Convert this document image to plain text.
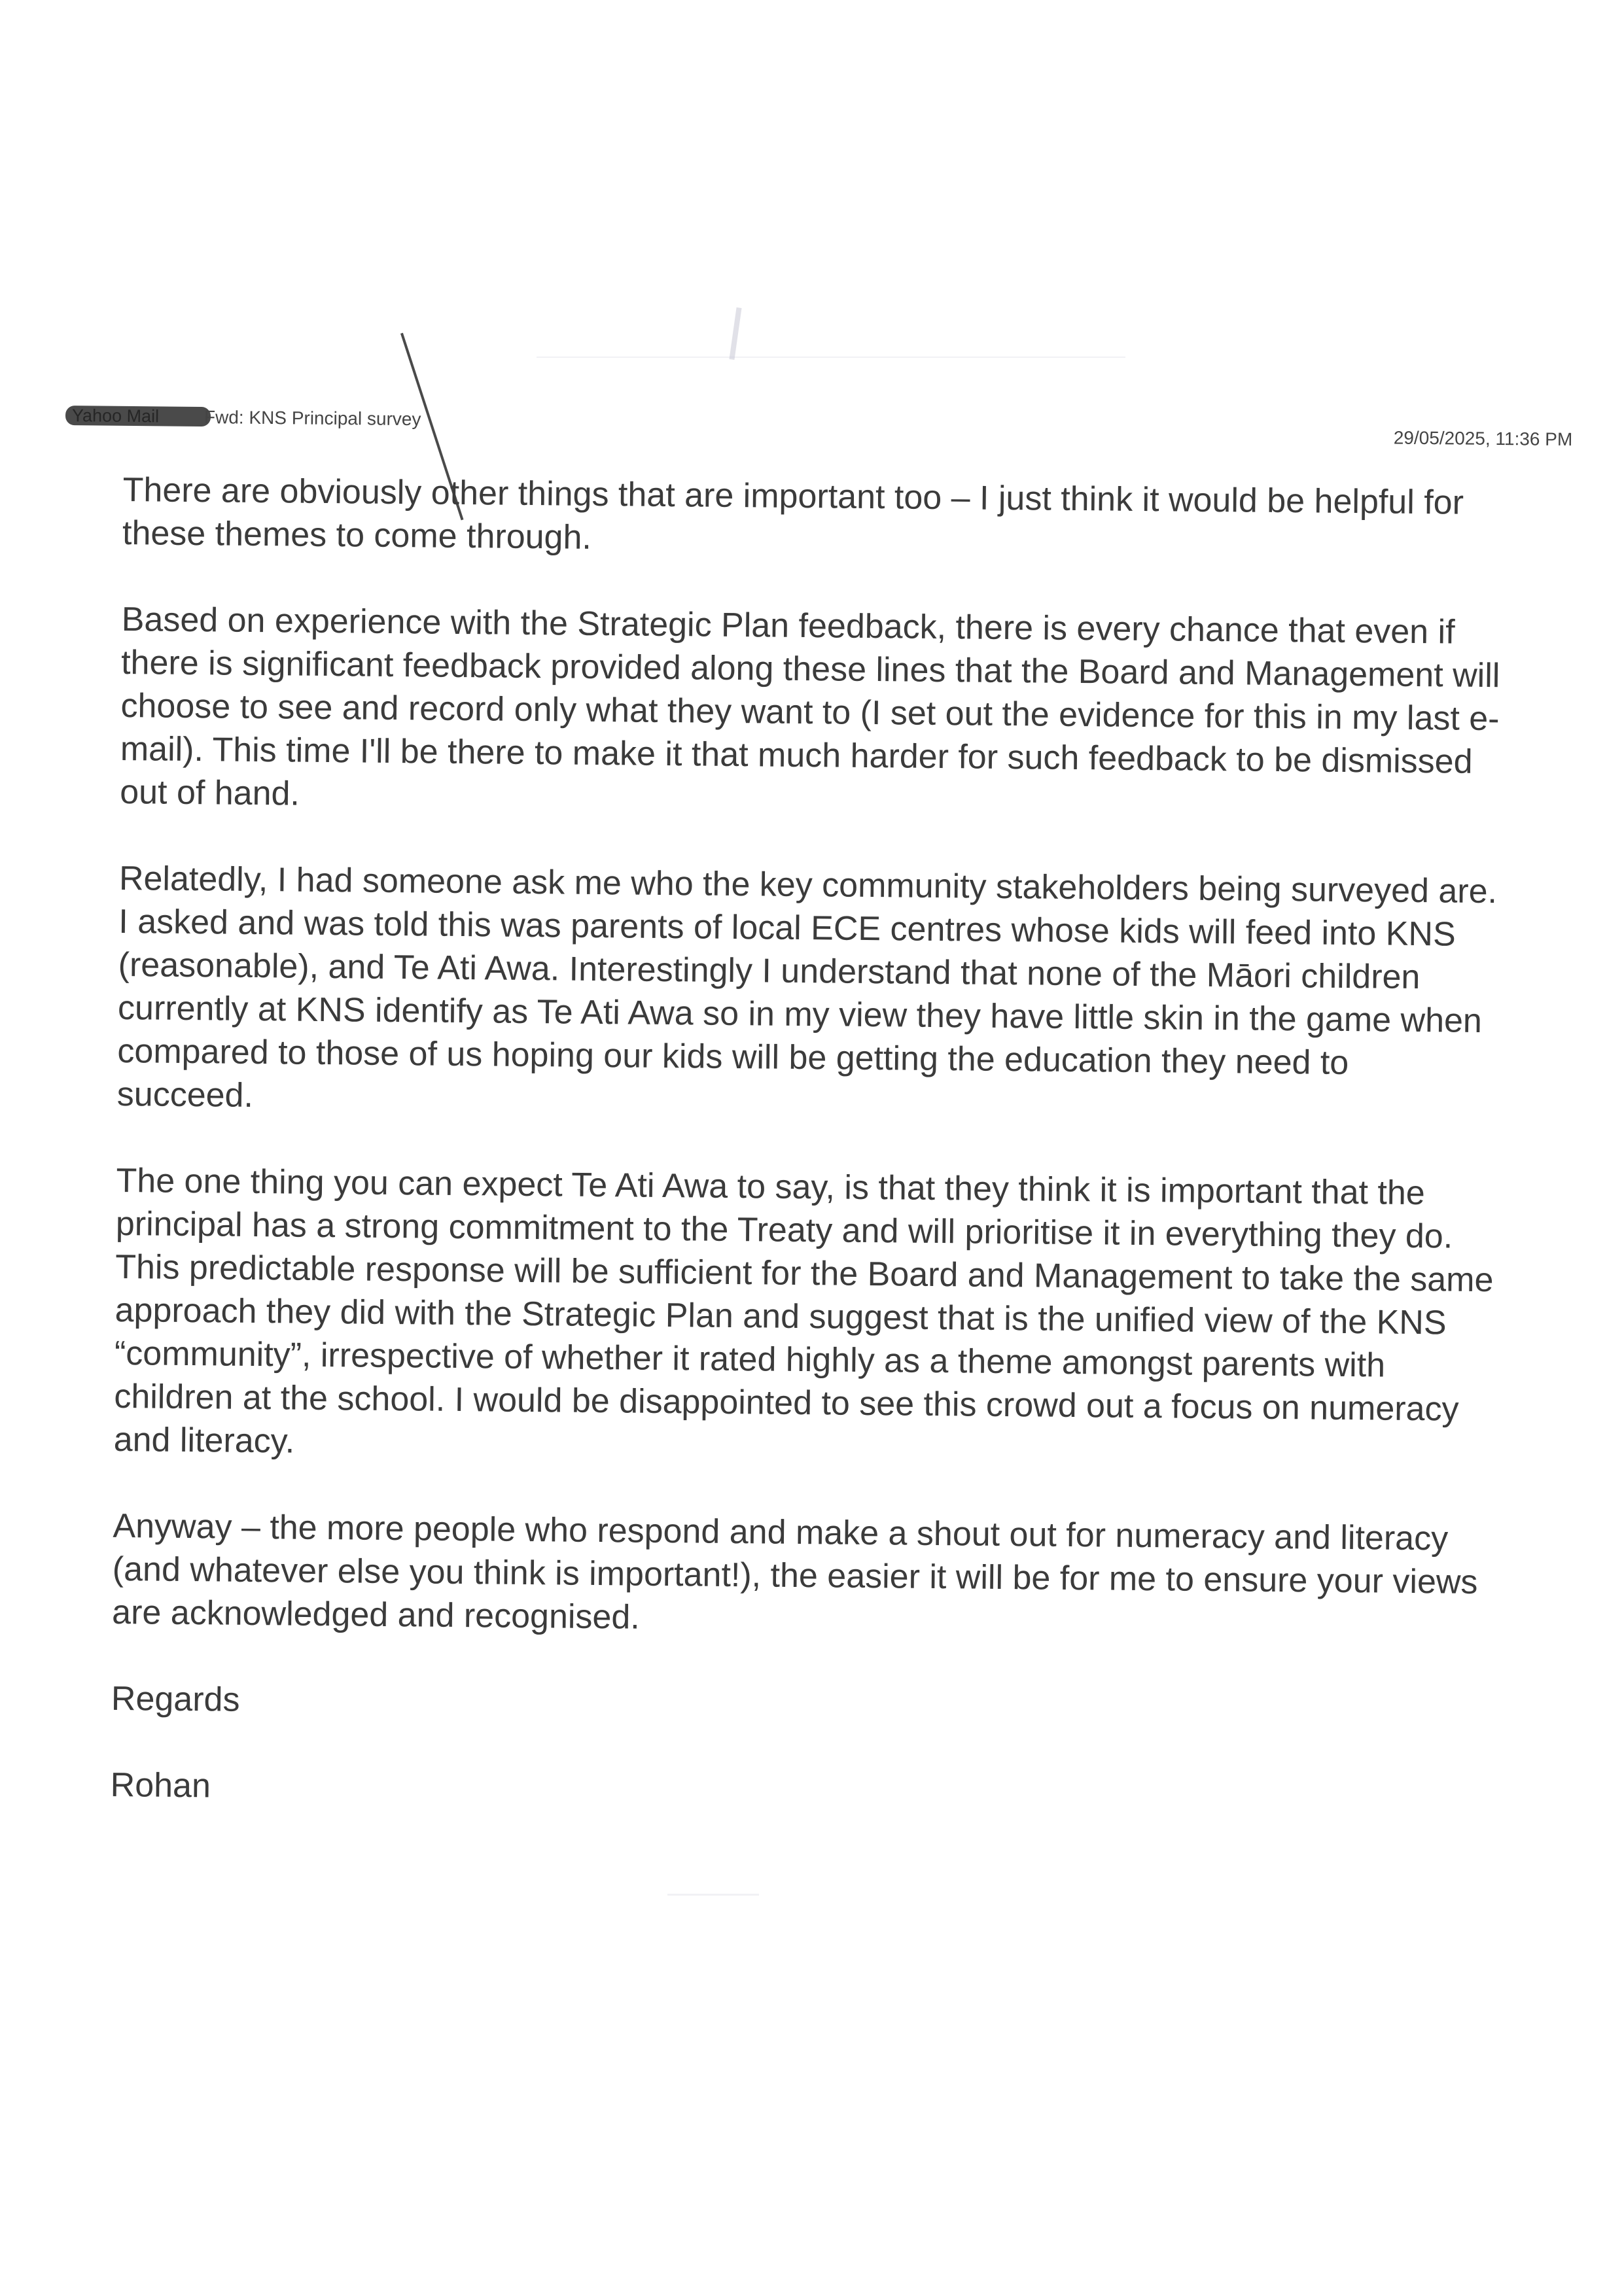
Yahoo Mail	Fwd: KNS Principal survey
29/05/2025, 11:36 PM

There are obviously other things that are important too – I just think it would be helpful for
these themes to come through.

Based on experience with the Strategic Plan feedback, there is every chance that even if
there is significant feedback provided along these lines that the Board and Management will
choose to see and record only what they want to (I set out the evidence for this in my last e-
mail). This time I'll be there to make it that much harder for such feedback to be dismissed
out of hand.

Relatedly, I had someone ask me who the key community stakeholders being surveyed are.
I asked and was told this was parents of local ECE centres whose kids will feed into KNS
(reasonable), and Te Ati Awa. Interestingly I understand that none of the Māori children
currently at KNS identify as Te Ati Awa so in my view they have little skin in the game when
compared to those of us hoping our kids will be getting the education they need to
succeed.

The one thing you can expect Te Ati Awa to say, is that they think it is important that the
principal has a strong commitment to the Treaty and will prioritise it in everything they do.
This predictable response will be sufficient for the Board and Management to take the same
approach they did with the Strategic Plan and suggest that is the unified view of the KNS
“community”, irrespective of whether it rated highly as a theme amongst parents with
children at the school. I would be disappointed to see this crowd out a focus on numeracy
and literacy.

Anyway – the more people who respond and make a shout out for numeracy and literacy
(and whatever else you think is important!), the easier it will be for me to ensure your views
are acknowledged and recognised.

Regards

Rohan
